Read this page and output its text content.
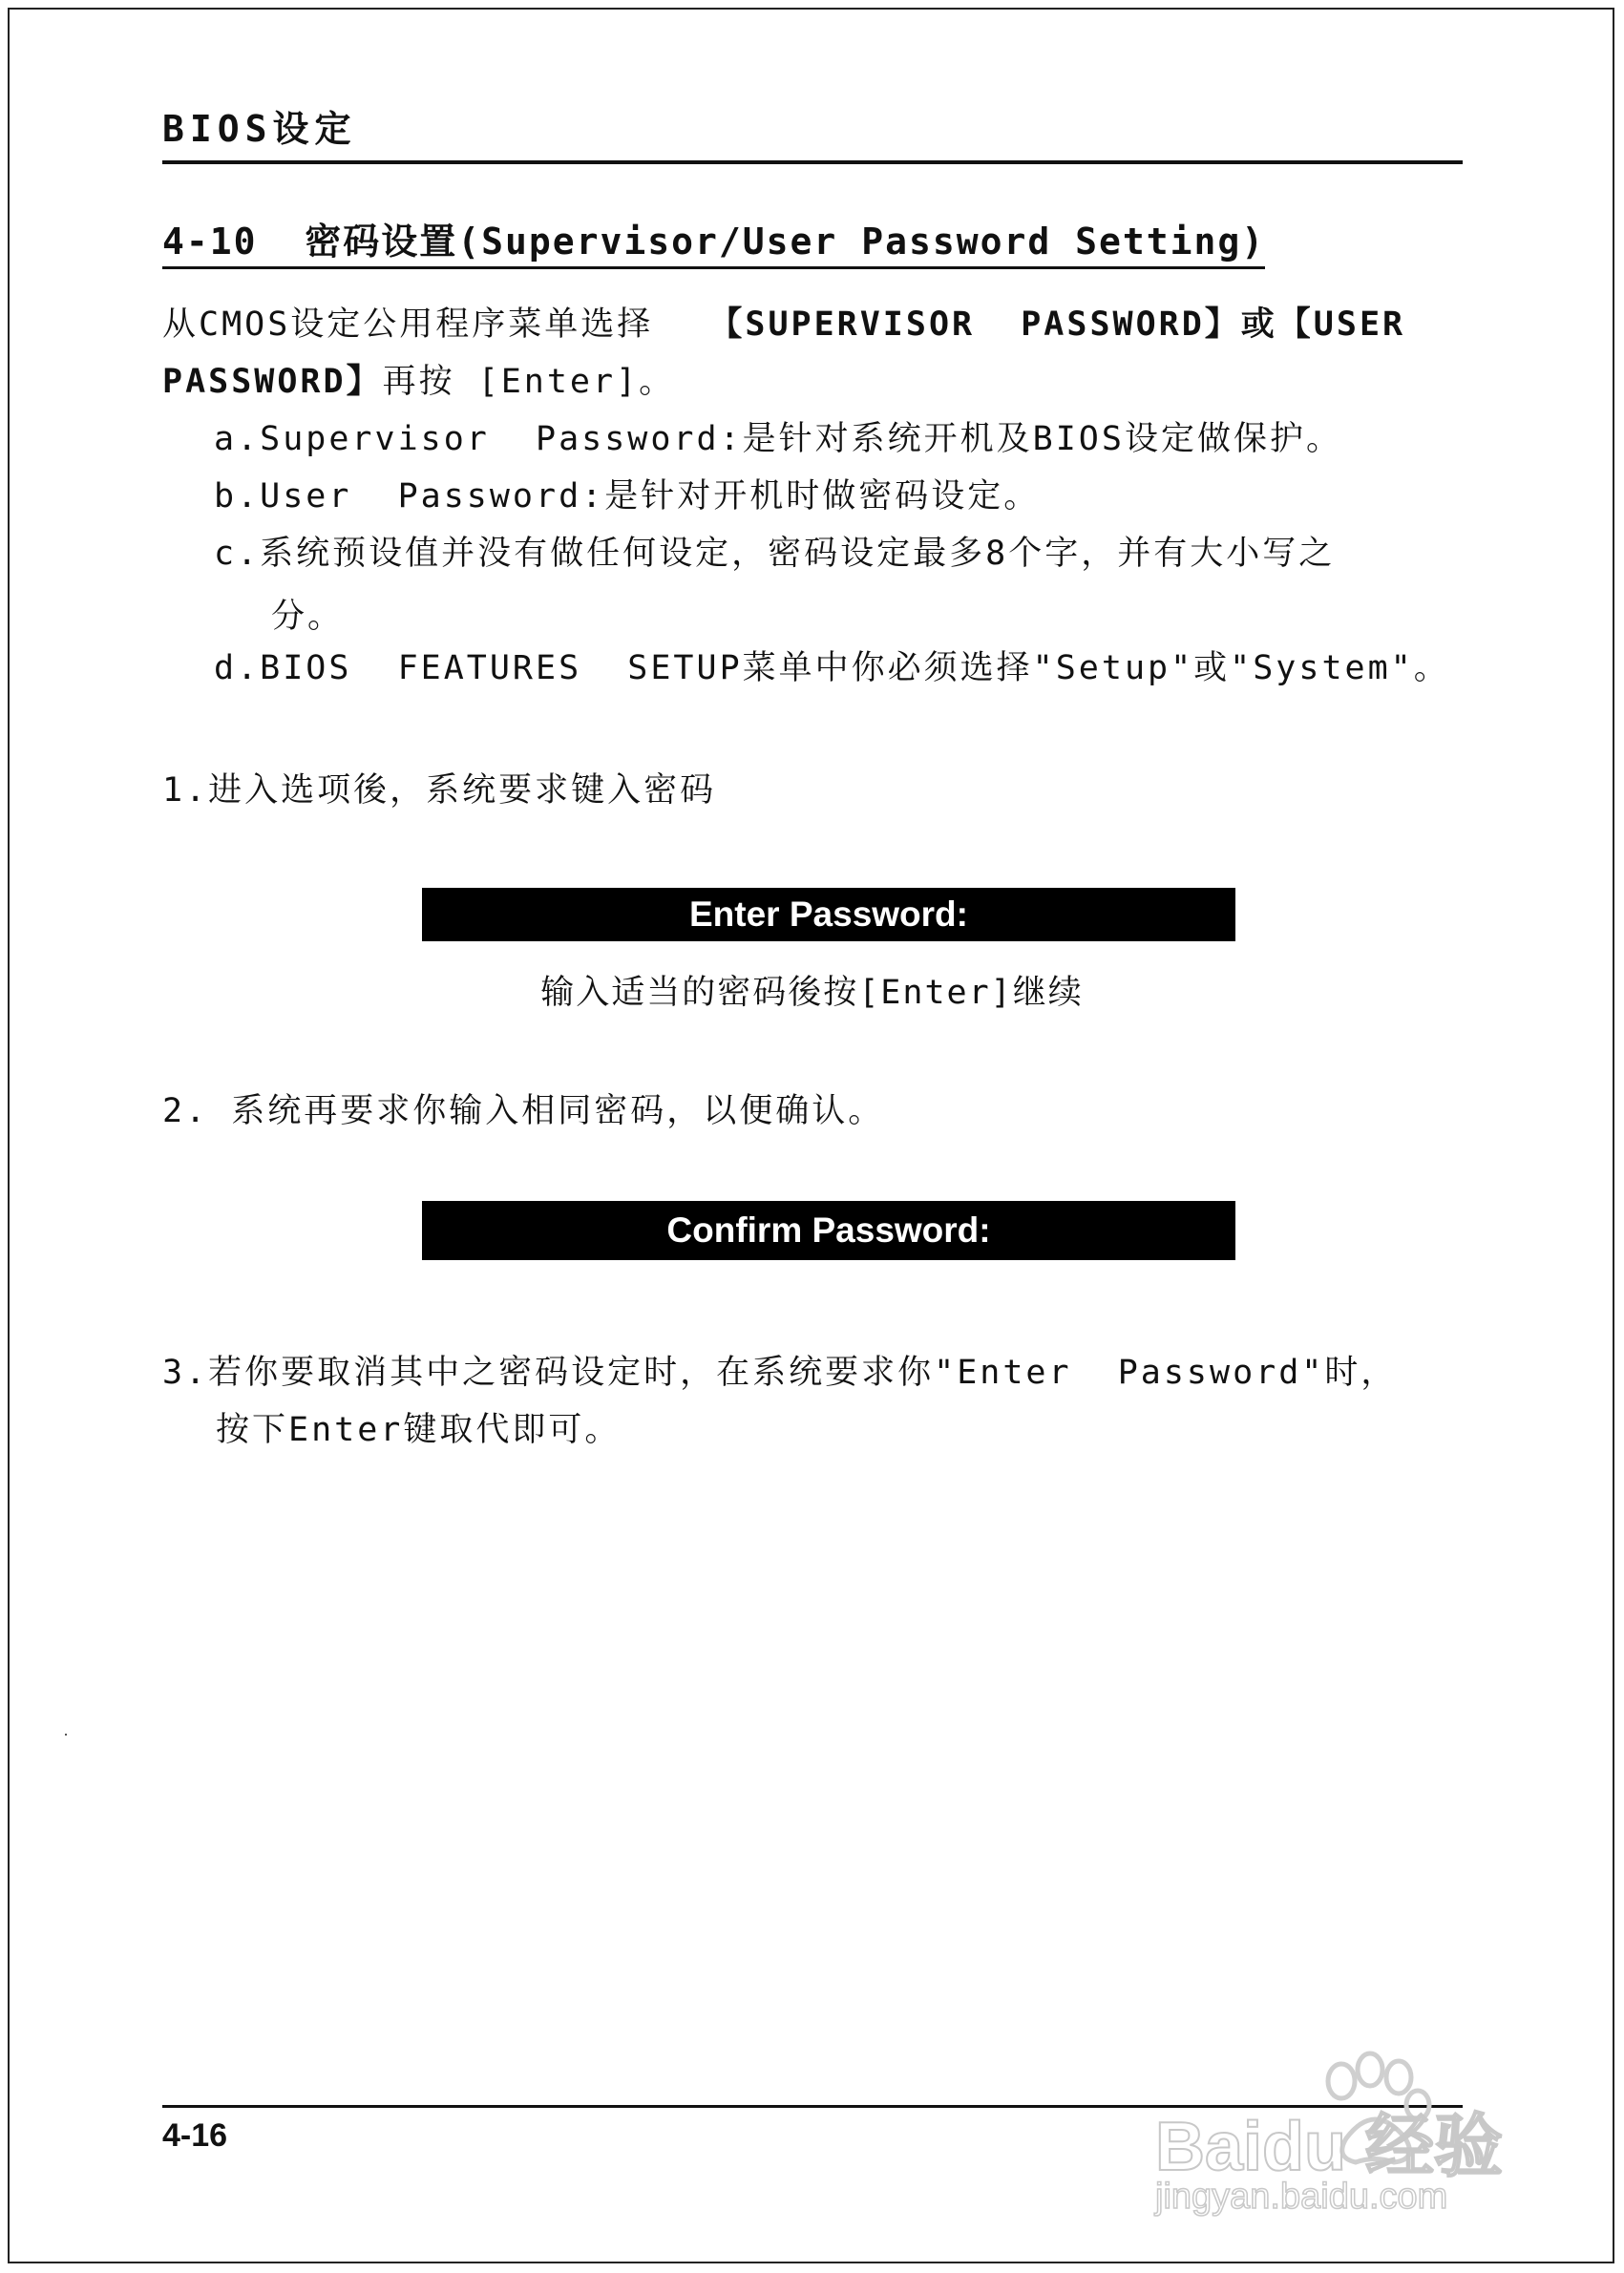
BIOS设定
4-10  密码设置(Supervisor/User Password Setting)
从CMOS设定公用程序菜单选择 【SUPERVISOR  PASSWORD】或【USER
PASSWORD】再按 [Enter]。
a.Supervisor  Password:是针对系统开机及BIOS设定做保护。
b.User  Password:是针对开机时做密码设定。
c.系统预设值并没有做任何设定，密码设定最多8个字，并有大小写之
分。
d.BIOS  FEATURES  SETUP菜单中你必须选择"Setup"或"System"。
1.进入选项後，系统要求键入密码
Enter Password:
输入适当的密码後按[Enter]继续
2. 系统再要求你输入相同密码，以便确认。
Confirm Password:
3.若你要取消其中之密码设定时，在系统要求你"Enter  Password"时，
按下Enter键取代即可。
4-16	Baidu 经验
jingyan.baidu.com
